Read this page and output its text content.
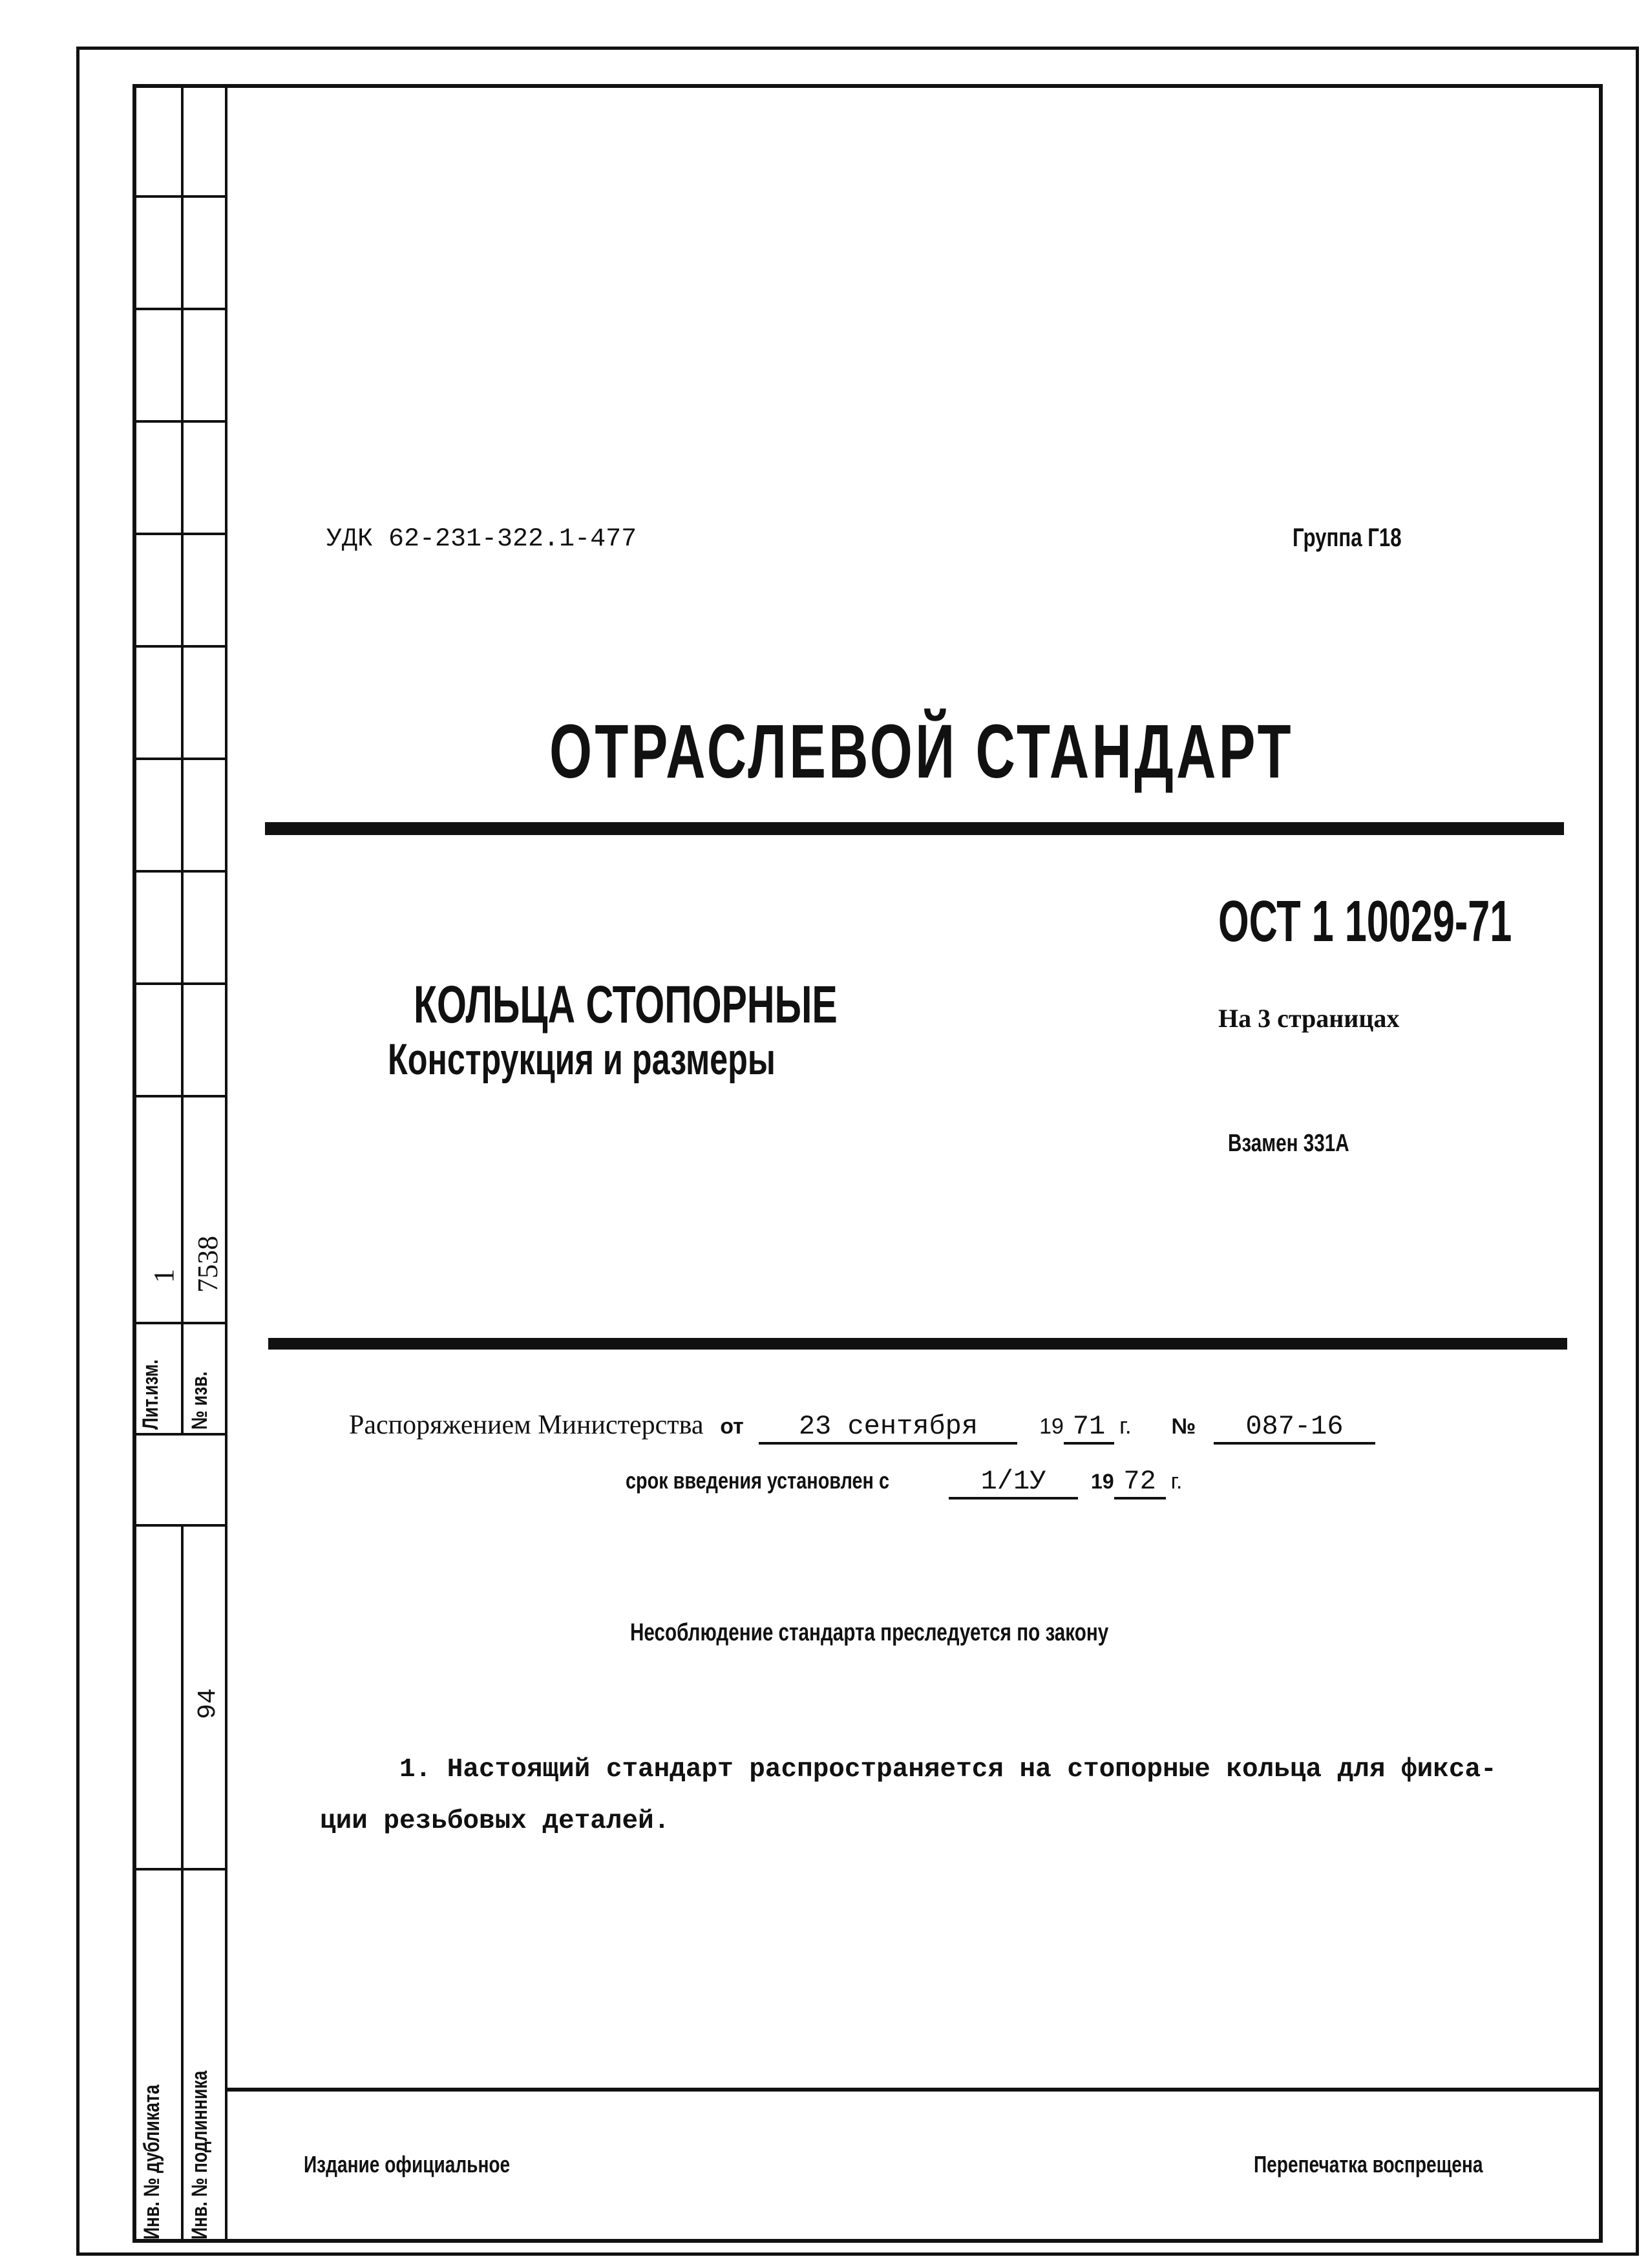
Лит.изм. № изв.
1 7538
94
Инв. № дубликата Инв. № подлинника
УДК 62-231-322.1-477	Группа Г18
ОТРАСЛЕВОЙ СТАНДАРТ
ОСТ 1 10029-71
На 3 страницах
Взамен 331А
КОЛЬЦА СТОПОРНЫЕ
Конструкция и размеры
Распоряжением Министерства от 23 сентября	19 71 г. № 087-16
срок введения установлен с	1/1У 19 72 г.
Несоблюдение стандарта преследуется по закону
1. Настоящий стандарт распространяется на стопорные кольца для фикса-
ции резьбовых деталей.
Издание официальное	Перепечатка воспрещена
